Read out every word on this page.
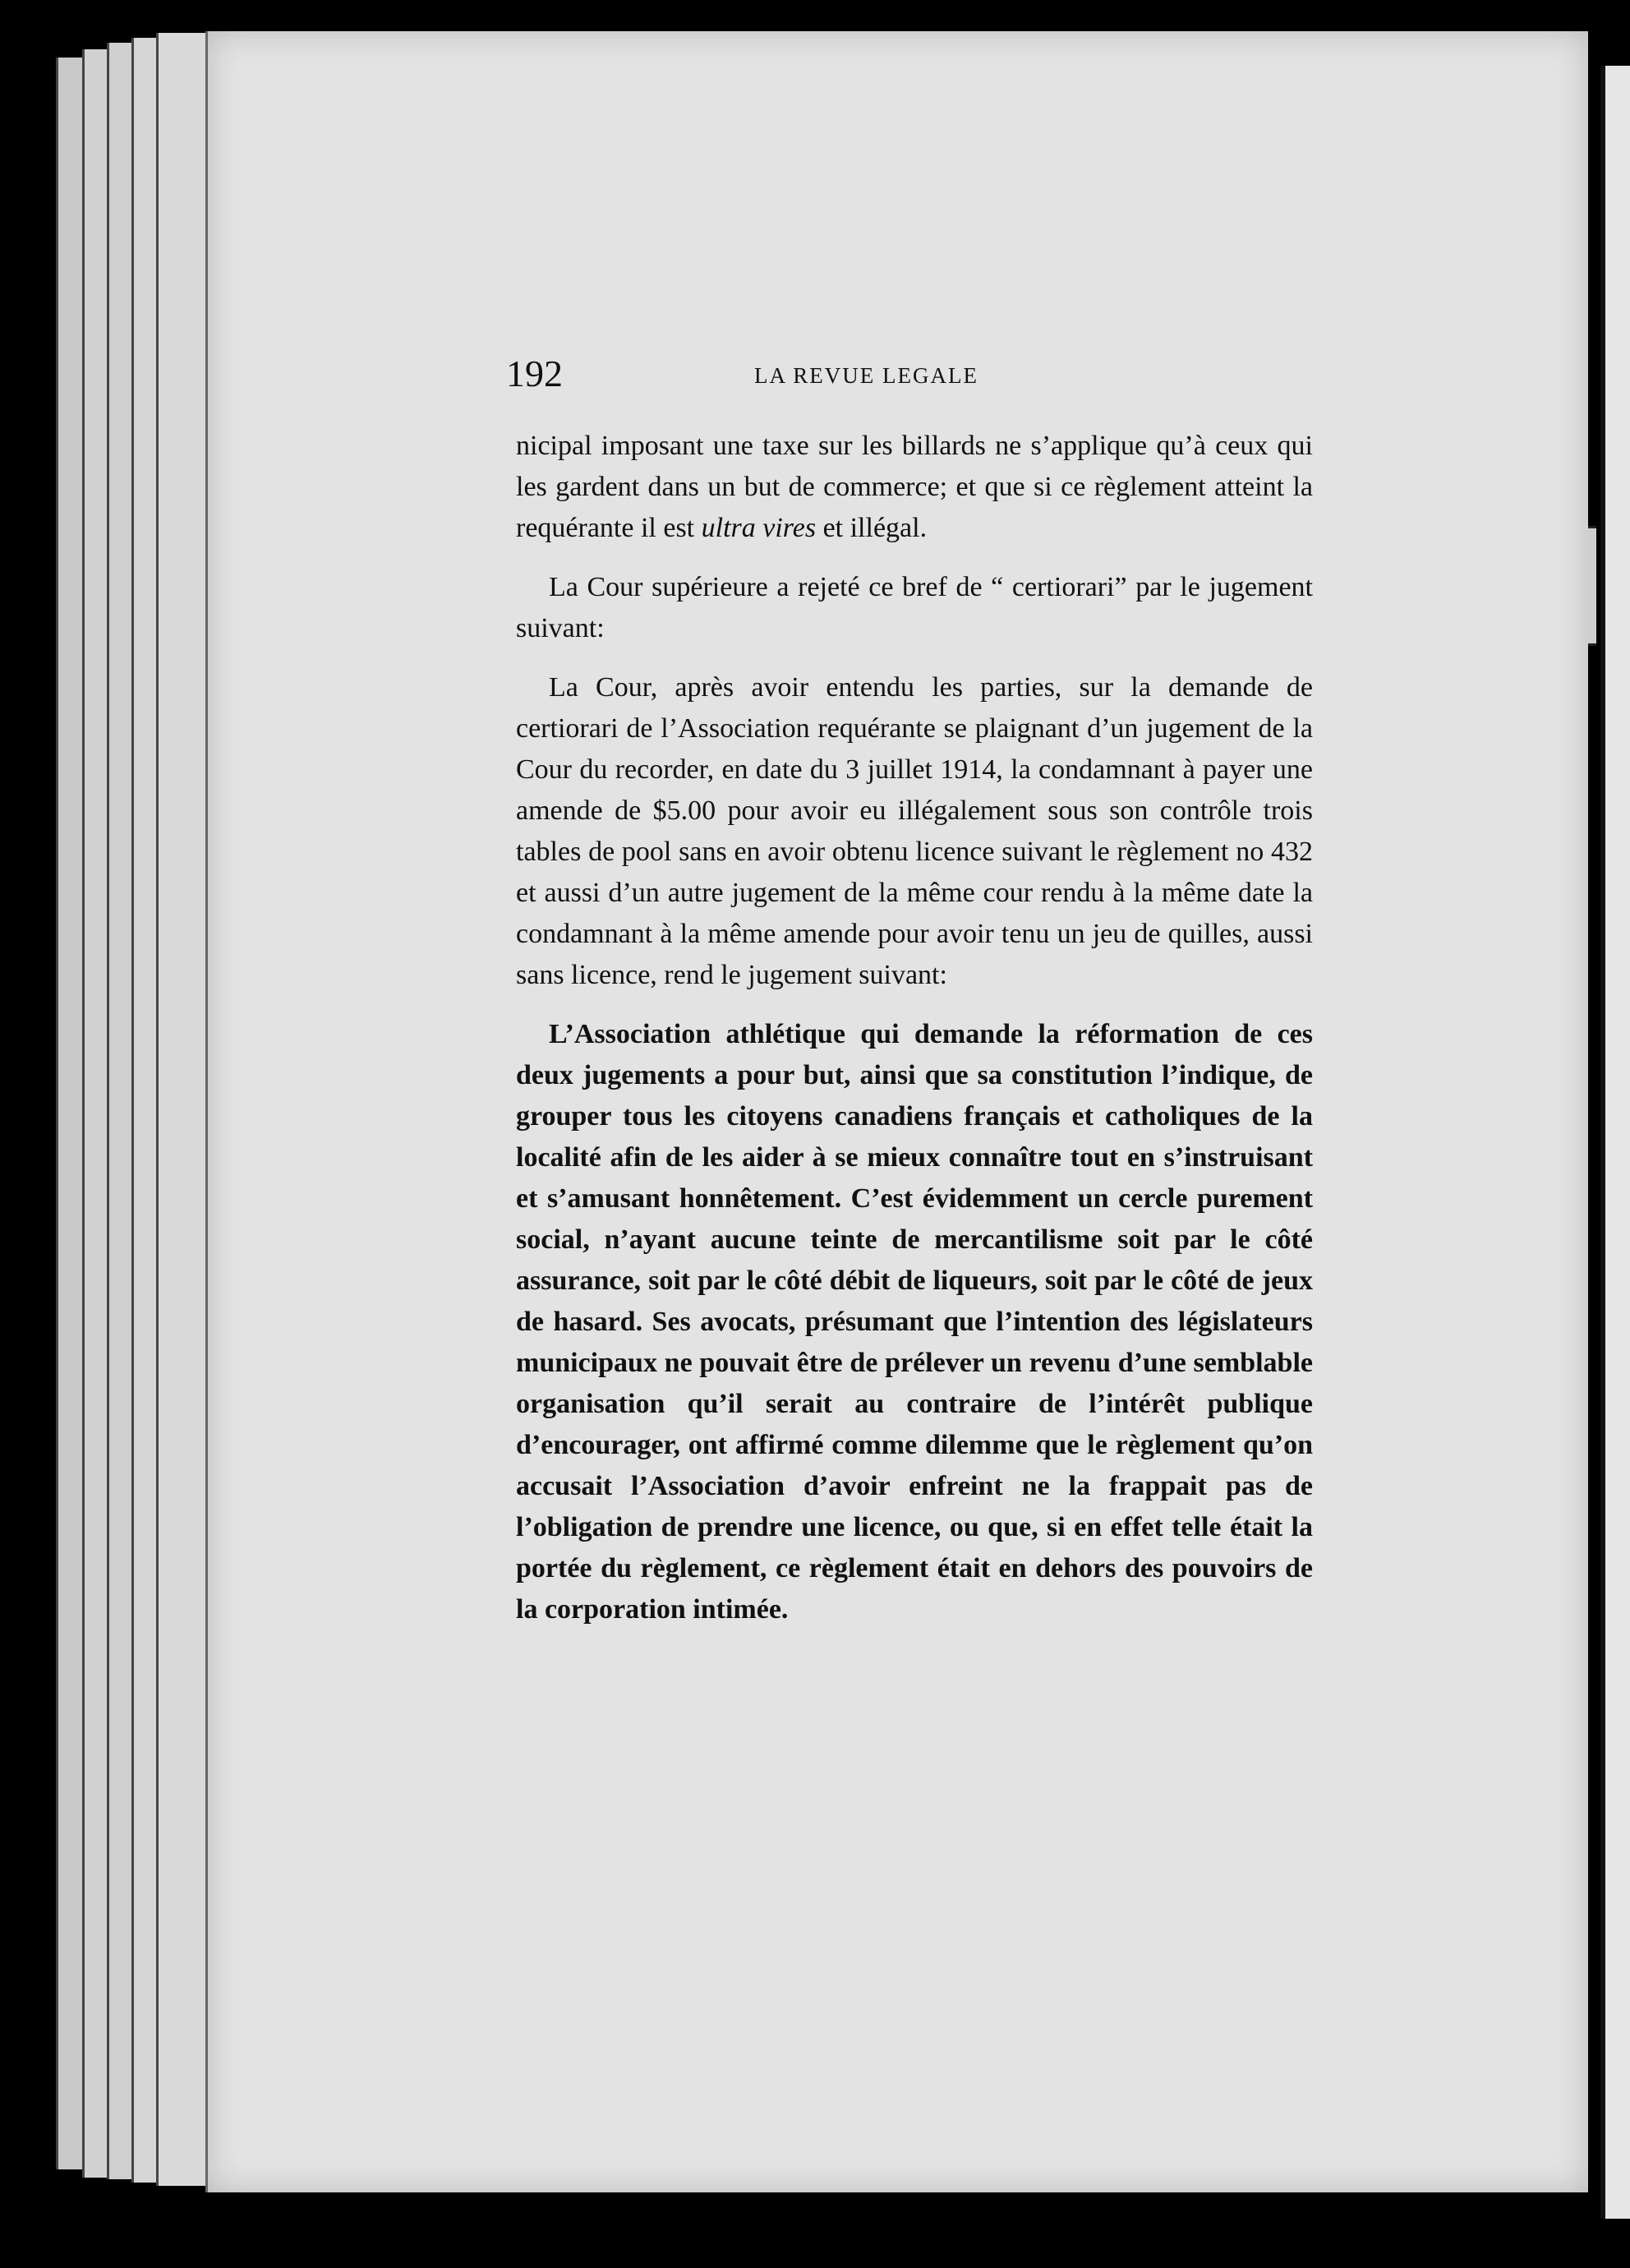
192	LA REVUE LEGALE

nicipal imposant une taxe sur les billards ne s’applique qu’à ceux qui les gardent dans un but de commerce; et que si ce règlement atteint la requérante il est ultra vires et illégal.

La Cour supérieure a rejeté ce bref de “ certiorari” par le jugement suivant:

La Cour, après avoir entendu les parties, sur la demande de certiorari de l’Association requérante se plaignant d’un jugement de la Cour du recorder, en date du 3 juillet 1914, la condamnant à payer une amende de $5.00 pour avoir eu illégalement sous son contrôle trois tables de pool sans en avoir obtenu licence suivant le règlement no 432 et aussi d’un autre jugement de la même cour rendu à la même date la condamnant à la même amende pour avoir tenu un jeu de quilles, aussi sans licence, rend le jugement suivant:

L’Association athlétique qui demande la réformation de ces deux jugements a pour but, ainsi que sa constitution l’indique, de grouper tous les citoyens canadiens français et catholiques de la localité afin de les aider à se mieux connaître tout en s’instruisant et s’amusant honnêtement. C’est évidemment un cercle purement social, n’ayant aucune teinte de mercantilisme soit par le côté assurance, soit par le côté débit de liqueurs, soit par le côté de jeux de hasard. Ses avocats, présumant que l’intention des législateurs municipaux ne pouvait être de prélever un revenu d’une semblable organisation qu’il serait au contraire de l’intérêt publique d’encourager, ont affirmé comme dilemme que le règlement qu’on accusait l’Association d’avoir enfreint ne la frappait pas de l’obligation de prendre une licence, ou que, si en effet telle était la portée du règlement, ce règlement était en dehors des pouvoirs de la corporation intimée.
